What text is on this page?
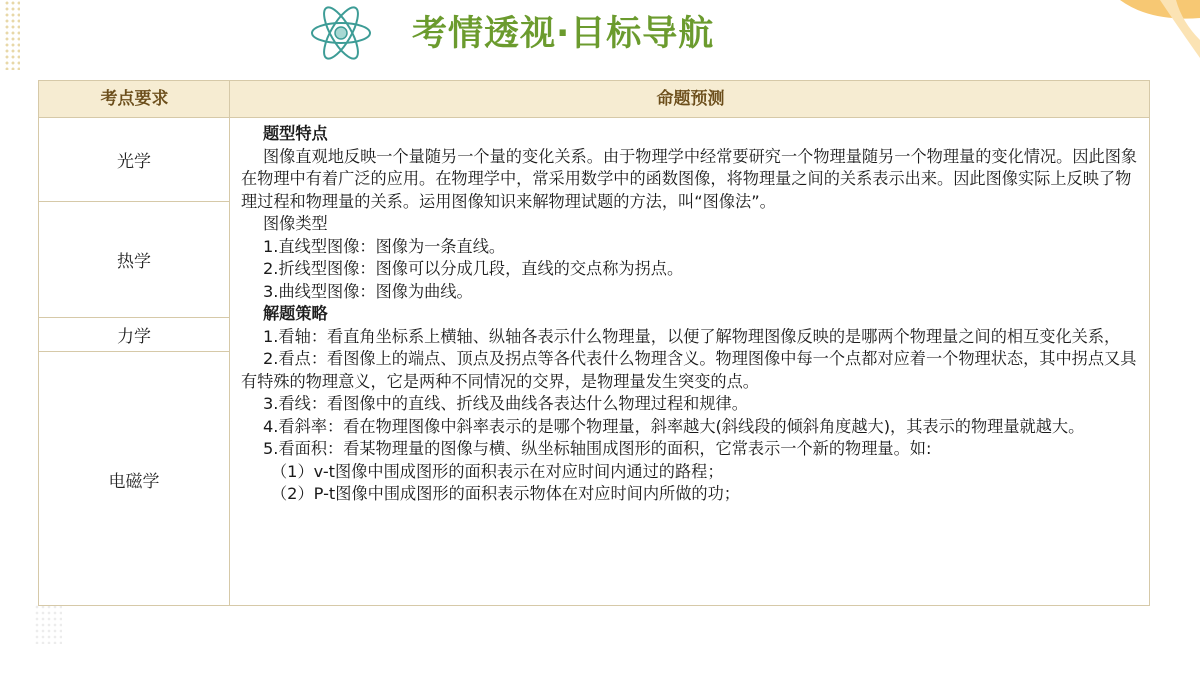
考情透视·目标导航
考点要求	命题预测
光学
热学
力学
电磁学

题型特点

图像直观地反映一个量随另一个量的变化关系。由于物理学中经常要研究一个物理量随另一个物理量的变化情况。因此图象在物理中有着广泛的应用。在物理学中，常采用数学中的函数图像，将物理量之间的关系表示出来。因此图像实际上反映了物理过程和物理量的关系。运用图像知识来解物理试题的方法，叫“图像法”。

图像类型

1.直线型图像：图像为一条直线。

2.折线型图像：图像可以分成几段，直线的交点称为拐点。

3.曲线型图像：图像为曲线。

解题策略

1.看轴：看直角坐标系上横轴、纵轴各表示什么物理量，以便了解物理图像反映的是哪两个物理量之间的相互变化关系，

2.看点：看图像上的端点、顶点及拐点等各代表什么物理含义。物理图像中每一个点都对应着一个物理状态，其中拐点又具有特殊的物理意义，它是两种不同情况的交界，是物理量发生突变的点。

3.看线：看图像中的直线、折线及曲线各表达什么物理过程和规律。

4.看斜率：看在物理图像中斜率表示的是哪个物理量，斜率越大(斜线段的倾斜角度越大)，其表示的物理量就越大。

5.看面积：看某物理量的图像与横、纵坐标轴围成图形的面积，它常表示一个新的物理量。如:

（1）v-t图像中围成图形的面积表示在对应时间内通过的路程；

（2）P-t图像中围成图形的面积表示物体在对应时间内所做的功；
